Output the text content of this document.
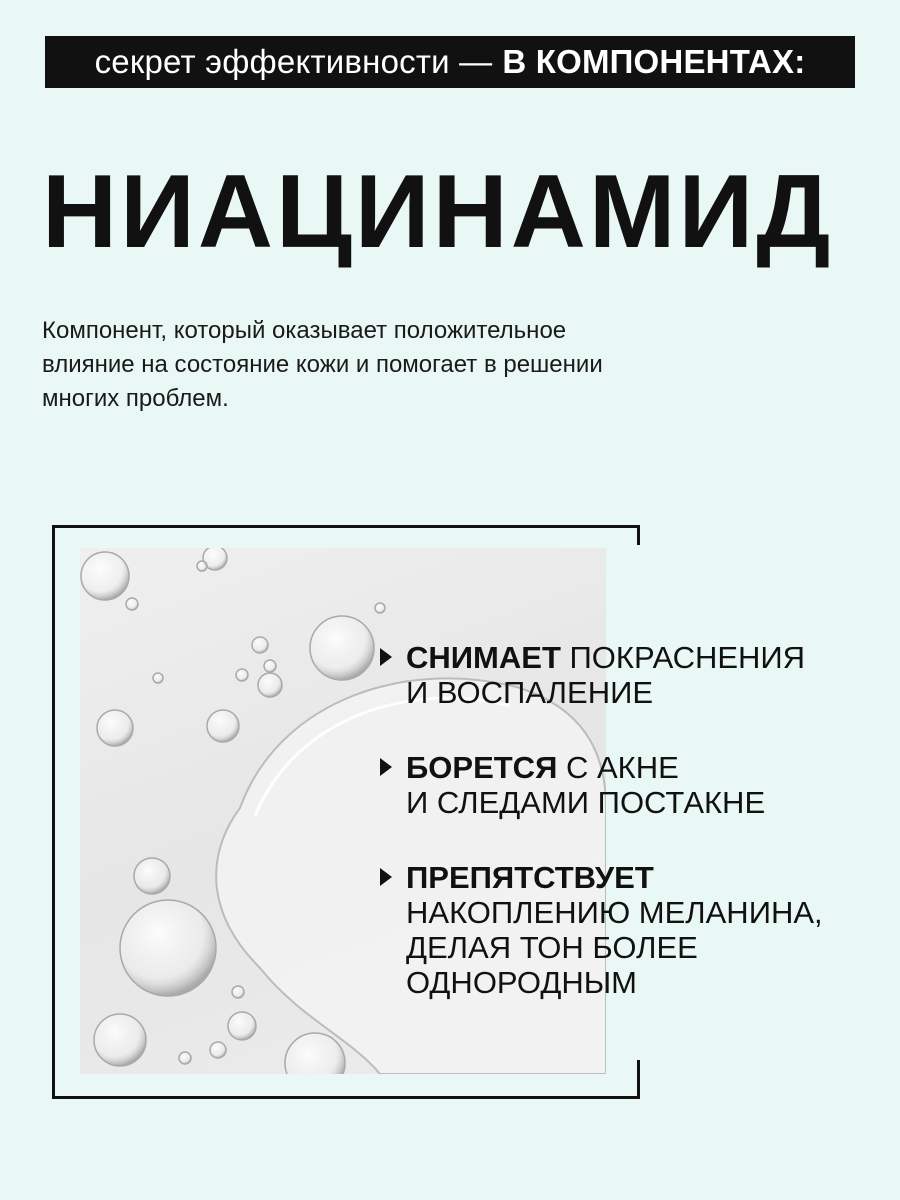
секрет эффективности — В КОМПОНЕНТАХ:
НИАЦИНАМИД

Компонент, который оказывает положительное

влияние на состояние кожи и помогает в решении

многих проблем.

СНИМАЕТ ПОКРАСНЕНИЯ
И ВОСПАЛЕНИЕ
БОРЕТСЯ С АКНЕ
И СЛЕДАМИ ПОСТАКНЕ
ПРЕПЯТСТВУЕТ
НАКОПЛЕНИЮ МЕЛАНИНА,
ДЕЛАЯ ТОН БОЛЕЕ
ОДНОРОДНЫМ
